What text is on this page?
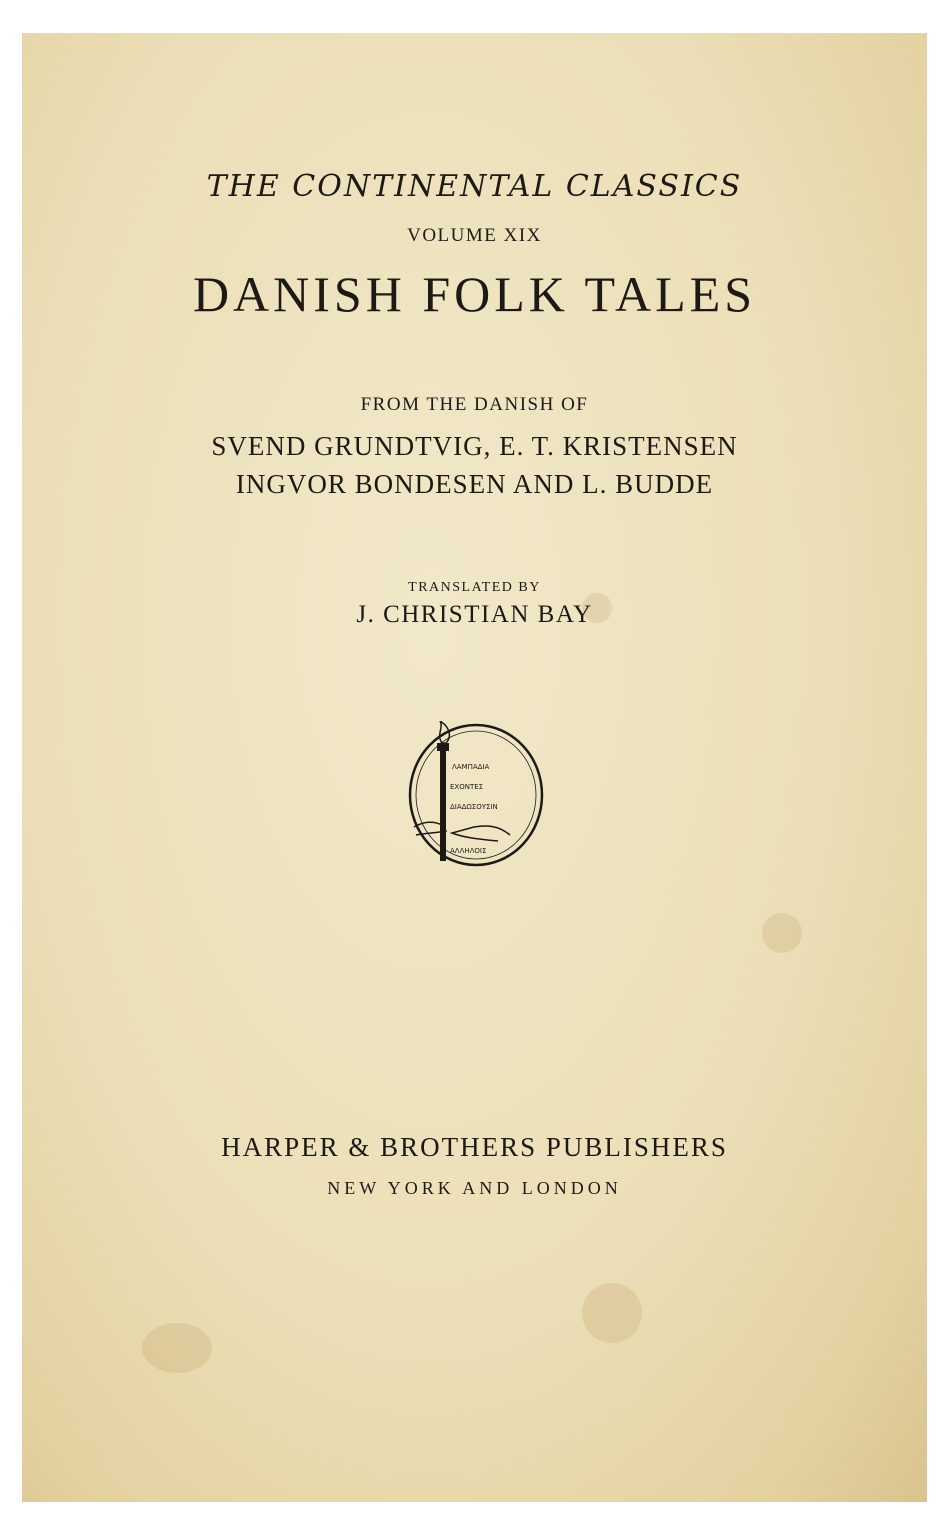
THE CONTINENTAL CLASSICS
VOLUME XIX
DANISH FOLK TALES
FROM THE DANISH OF
SVEND GRUNDTVIG, E. T. KRISTENSEN
INGVOR BONDESEN AND L. BUDDE
TRANSLATED BY
J. CHRISTIAN BAY
ΛΑΜΠΑΔΙΑ
ΕΧΟΝΤΕΣ
ΔΙΑΔΩΣΟΥΣΙΝ
ΑΛΛΗΛΟΙΣ
HARPER & BROTHERS PUBLISHERS
NEW YORK AND LONDON
